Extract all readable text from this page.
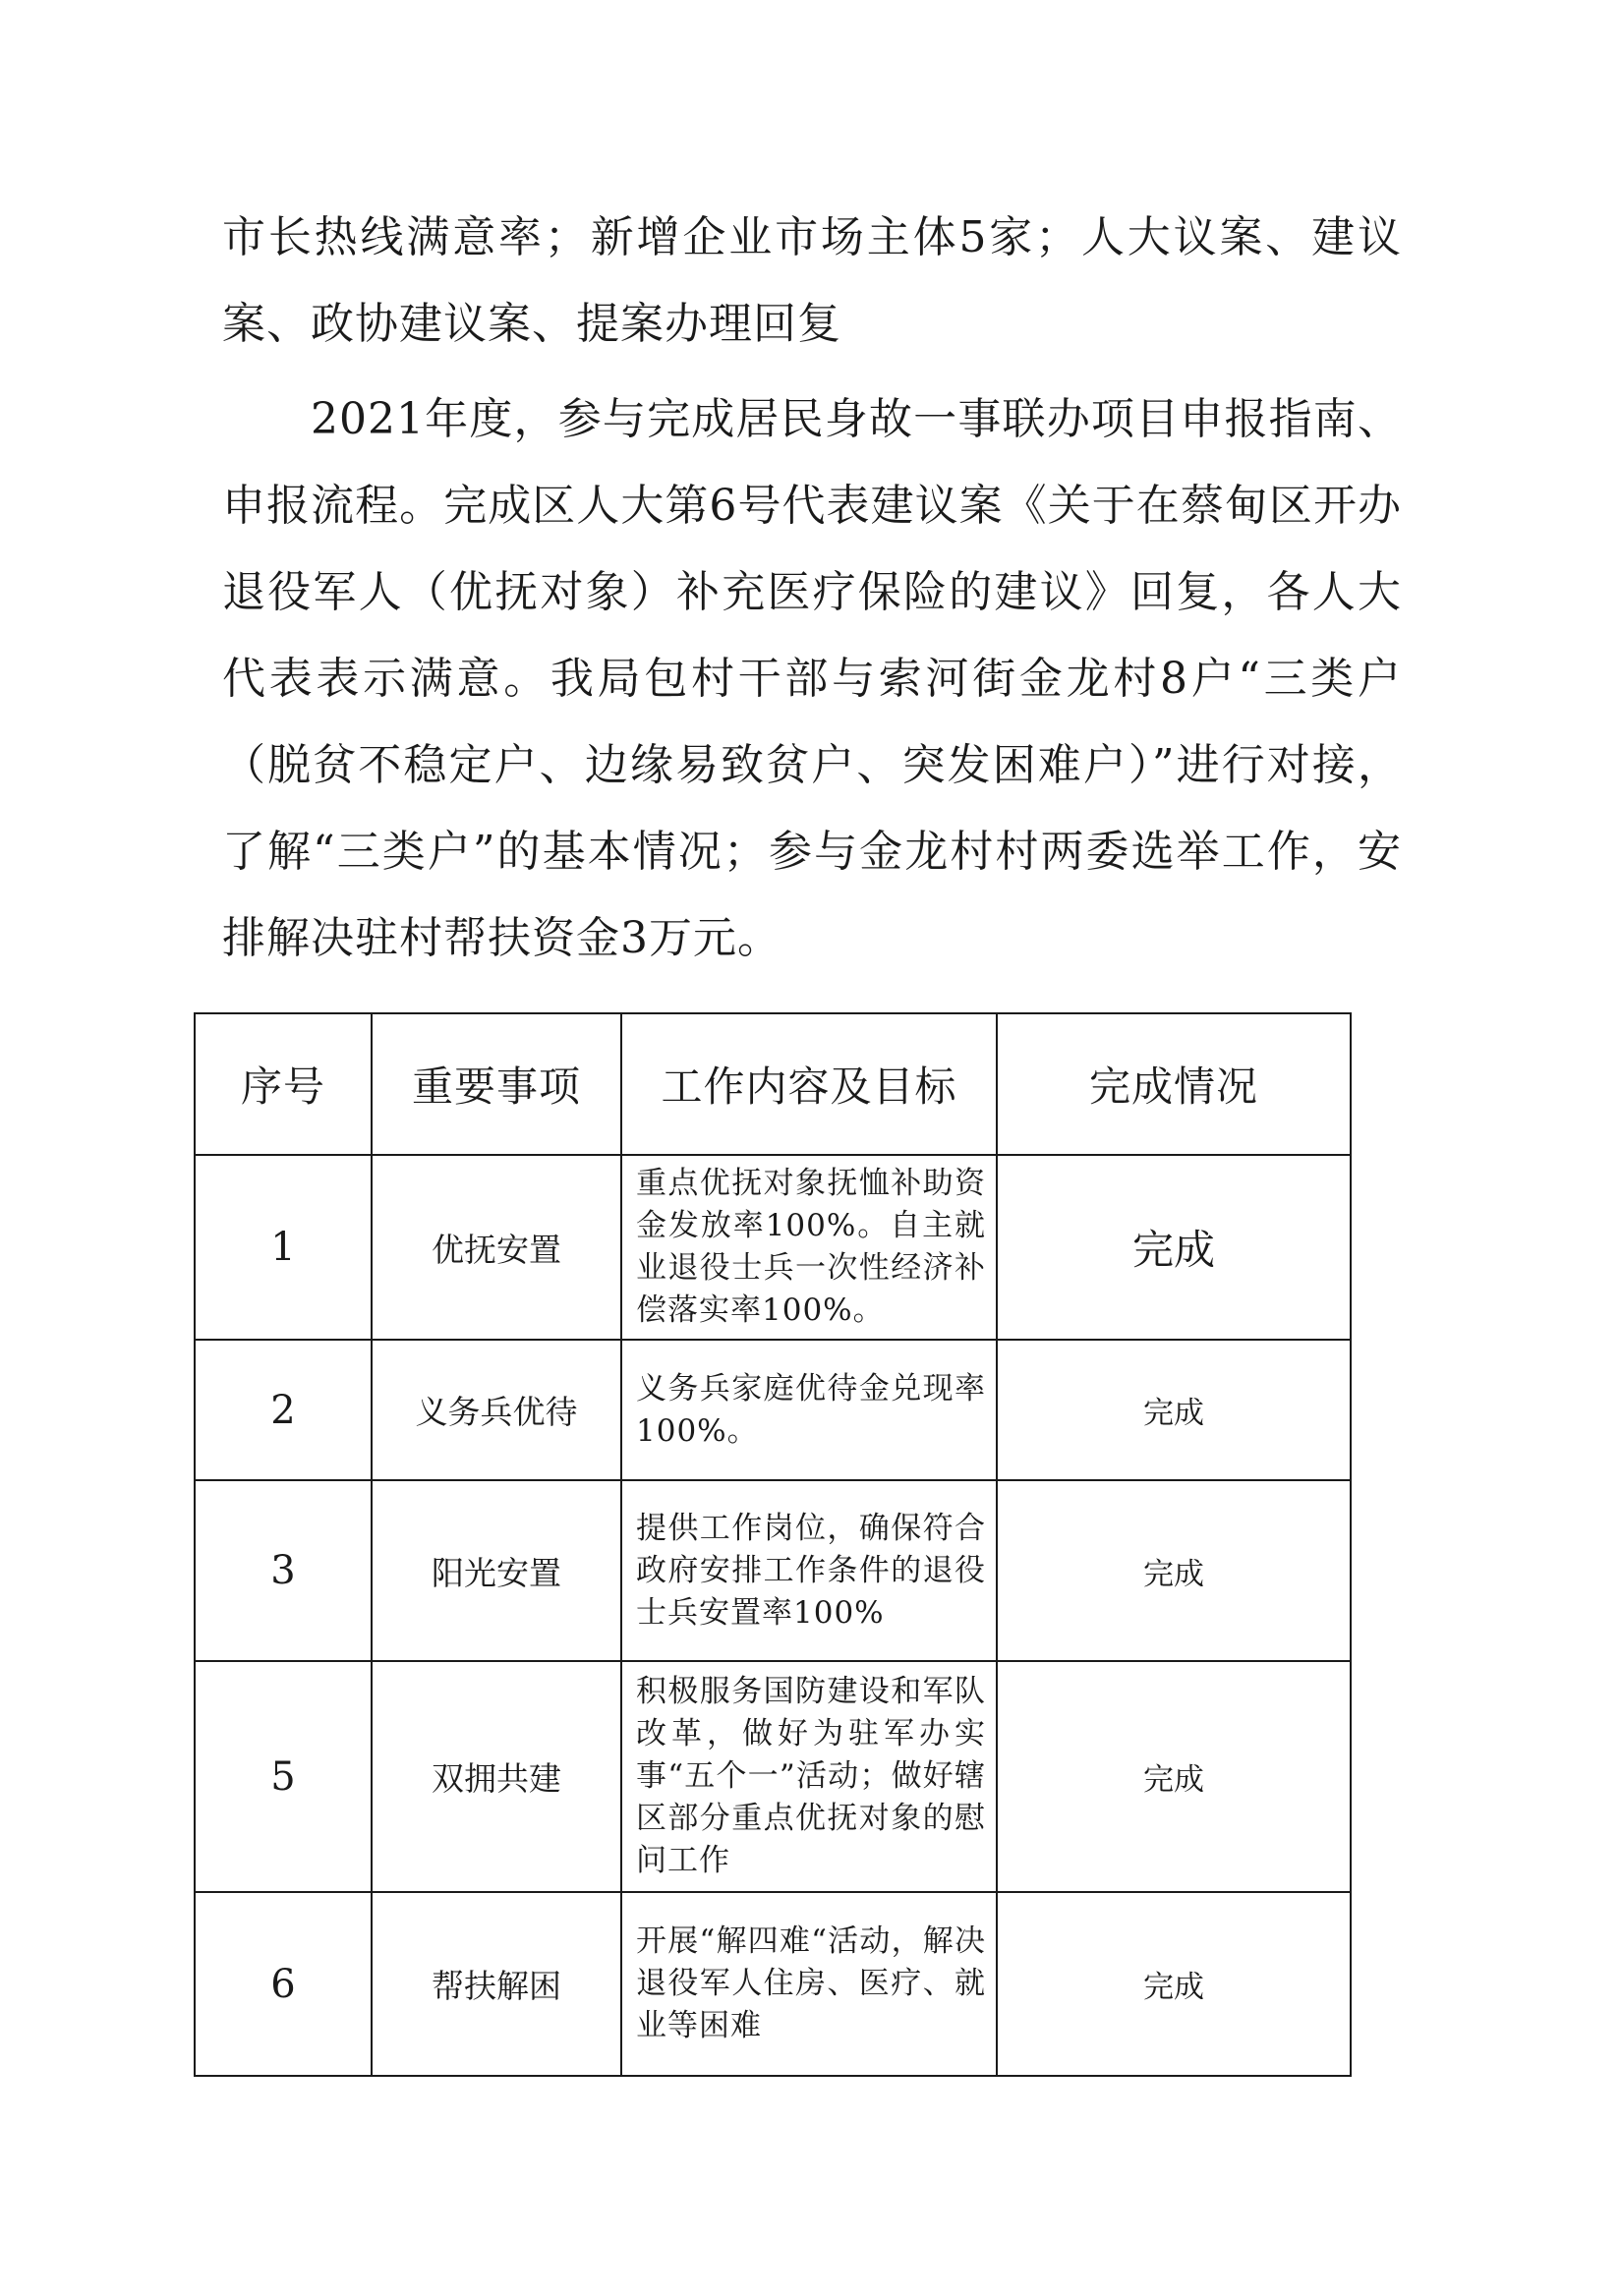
市长热线满意率；新增企业市场主体5家；人大议案、建议案、政协建议案、提案办理回复
2021年度，参与完成居民身故一事联办项目申报指南、申报流程。完成区人大第6号代表建议案《关于在蔡甸区开办退役军人（优抚对象）补充医疗保险的建议》回复，各人大代表表示满意。我局包村干部与索河街金龙村8户“三类户（脱贫不稳定户、边缘易致贫户、突发困难户）”进行对接，了解“三类户”的基本情况；参与金龙村村两委选举工作，安排解决驻村帮扶资金3万元。
序号	重要事项	工作内容及目标	完成情况
1	优抚安置	重点优抚对象抚恤补助资金发放率100%。自主就业退役士兵一次性经济补偿落实率100%。	完成
2	义务兵优待	义务兵家庭优待金兑现率100%。	完成
3	阳光安置	提供工作岗位，确保符合政府安排工作条件的退役士兵安置率100%	完成
5	双拥共建	积极服务国防建设和军队改革，做好为驻军办实事“五个一”活动；做好辖区部分重点优抚对象的慰问工作	完成
6	帮扶解困	开展“解四难“活动，解决退役军人住房、医疗、就业等困难	完成
